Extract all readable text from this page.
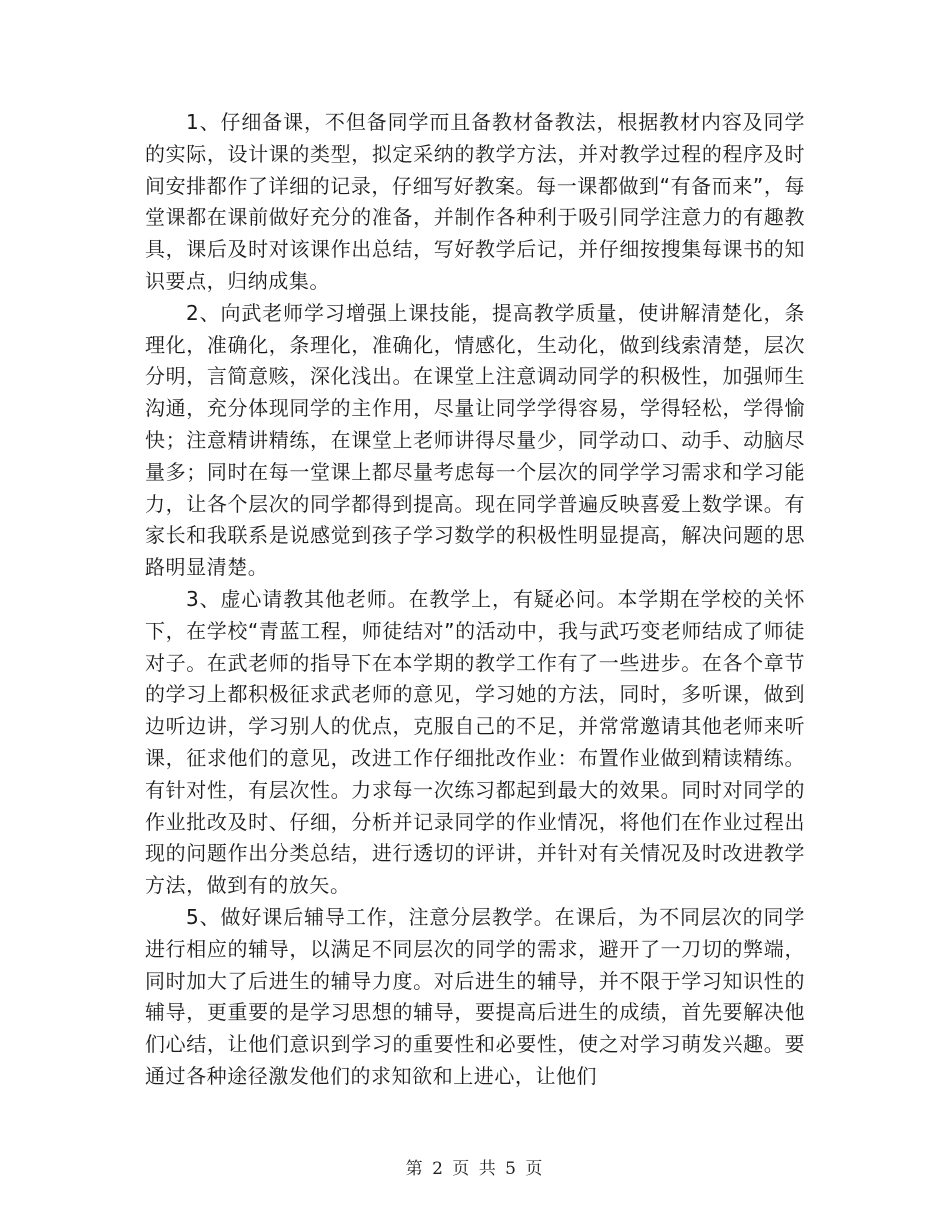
1、仔细备课，不但备同学而且备教材备教法，根据教材内容及同学的实际，设计课的类型，拟定采纳的教学方法，并对教学过程的程序及时间安排都作了详细的记录，仔细写好教案。每一课都做到“有备而来”，每堂课都在课前做好充分的准备，并制作各种利于吸引同学注意力的有趣教具，课后及时对该课作出总结，写好教学后记，并仔细按搜集每课书的知识要点，归纳成集。

2、向武老师学习增强上课技能，提高教学质量，使讲解清楚化，条理化，准确化，条理化，准确化，情感化，生动化，做到线索清楚，层次分明，言简意赅，深化浅出。在课堂上注意调动同学的积极性，加强师生沟通，充分体现同学的主作用，尽量让同学学得容易，学得轻松，学得愉快；注意精讲精练，在课堂上老师讲得尽量少，同学动口、动手、动脑尽量多；同时在每一堂课上都尽量考虑每一个层次的同学学习需求和学习能力，让各个层次的同学都得到提高。现在同学普遍反映喜爱上数学课。有家长和我联系是说感觉到孩子学习数学的积极性明显提高，解决问题的思路明显清楚。

3、虚心请教其他老师。在教学上，有疑必问。本学期在学校的关怀下，在学校“青蓝工程，师徒结对”的活动中，我与武巧变老师结成了师徒对子。在武老师的指导下在本学期的教学工作有了一些进步。在各个章节的学习上都积极征求武老师的意见，学习她的方法，同时，多听课，做到边听边讲，学习别人的优点，克服自己的不足，并常常邀请其他老师来听课，征求他们的意见，改进工作仔细批改作业：布置作业做到精读精练。有针对性，有层次性。力求每一次练习都起到最大的效果。同时对同学的作业批改及时、仔细，分析并记录同学的作业情况，将他们在作业过程出现的问题作出分类总结，进行透切的评讲，并针对有关情况及时改进教学方法，做到有的放矢。

5、做好课后辅导工作，注意分层教学。在课后，为不同层次的同学进行相应的辅导，以满足不同层次的同学的需求，避开了一刀切的弊端，同时加大了后进生的辅导力度。对后进生的辅导，并不限于学习知识性的辅导，更重要的是学习思想的辅导，要提高后进生的成绩，首先要解决他们心结，让他们意识到学习的重要性和必要性，使之对学习萌发兴趣。要通过各种途径激发他们的求知欲和上进心，让他们

第 2 页 共 5 页
